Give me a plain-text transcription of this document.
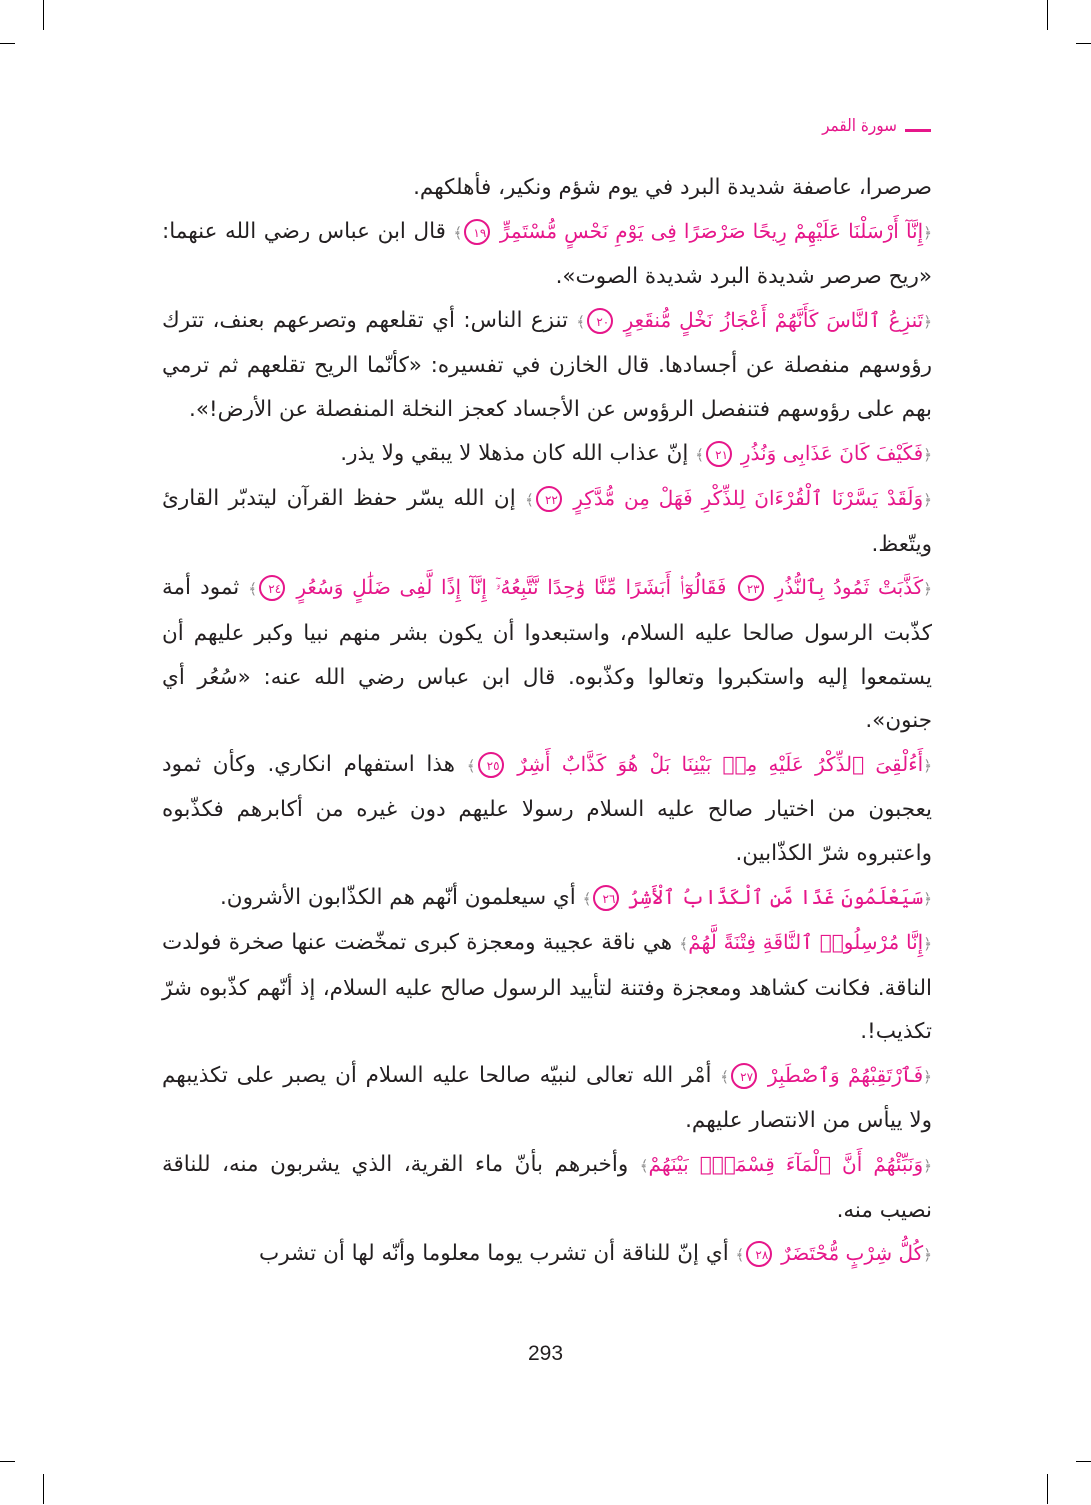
سورة القمر

صرصرا، عاصفة شديدة البرد في يوم شؤم ونكير، فأهلكهم.

﴿إِنَّآ أَرْسَلْنَا عَلَيْهِمْ رِيحًا صَرْصَرًا فِى يَوْمِ نَحْسٍ مُّسْتَمِرٍّ ١٩﴾ قال ابن عباس رضي الله عنهما: «ريح صرصر شديدة البرد شديدة الصوت».

﴿تَنزِعُ ٱلنَّاسَ كَأَنَّهُمْ أَعْجَازُ نَخْلٍ مُّنقَعِرٍ ٢٠﴾ تنزع الناس: أي تقلعهم وتصرعهم بعنف، تترك رؤوسهم منفصلة عن أجسادها. قال الخازن في تفسيره: «كأنّما الريح تقلعهم ثم ترمي بهم على رؤوسهم فتنفصل الرؤوس عن الأجساد كعجز النخلة المنفصلة عن الأرض!».

﴿فَكَيْفَ كَانَ عَذَابِى وَنُذُرِ ٢١﴾ إنّ عذاب الله كان مذهلا لا يبقي ولا يذر.

﴿وَلَقَدْ يَسَّرْنَا ٱلْقُرْءَانَ لِلذِّكْرِ فَهَلْ مِن مُّدَّكِرٍ ٢٢﴾ إن الله يسّر حفظ القرآن ليتدبّر القارئ ويتّعظ.

﴿كَذَّبَتْ ثَمُودُ بِٱلنُّذُرِ ٢٣ فَقَالُوٓا۟ أَبَشَرًا مِّنَّا وَٰحِدًا نَّتَّبِعُهُۥٓ إِنَّآ إِذًا لَّفِى ضَلَٰلٍ وَسُعُرٍ ٢٤﴾ ثمود أمة كذّبت الرسول صالحا عليه السلام، واستبعدوا أن يكون بشر منهم نبيا وكبر عليهم أن يستمعوا إليه واستكبروا وتعالوا وكذّبوه. قال ابن عباس رضي الله عنه: «سُعُر أي جنون».

﴿أَءُلْقِىَ ٱلذِّكْرُ عَلَيْهِ مِنۢ بَيْنِنَا بَلْ هُوَ كَذَّابٌ أَشِرٌ ٢٥﴾ هذا استفهام انكاري. وكأن ثمود يعجبون من اختيار صالح عليه السلام رسولا عليهم دون غيره من أكابرهم فكذّبوه واعتبروه شرّ الكذّابين.

﴿سَيَعْلَمُونَ غَدًا مَّنِ ٱلْكَذَّابُ ٱلْأَشِرُ ٢٦﴾ أي سيعلمون أنّهم هم الكذّابون الأشرون.

﴿إِنَّا مُرْسِلُوا۟ ٱلنَّاقَةِ فِتْنَةً لَّهُمْ﴾ هي ناقة عجيبة ومعجزة كبرى تمخّضت عنها صخرة فولدت الناقة. فكانت كشاهد ومعجزة وفتنة لتأييد الرسول صالح عليه السلام، إذ أنّهم كذّبوه شرّ تكذيب!.

﴿فَٱرْتَقِبْهُمْ وَٱصْطَبِرْ ٢٧﴾ أمْر الله تعالى لنبيّه صالحا عليه السلام أن يصبر على تكذيبهم ولا ييأس من الانتصار عليهم.

﴿وَنَبِّئْهُمْ أَنَّ ٱلْمَآءَ قِسْمَةٌۢ بَيْنَهُمْ﴾ وأخبرهم بأنّ ماء القرية، الذي يشربون منه، للناقة نصيب منه.

﴿كُلُّ شِرْبٍ مُّحْتَضَرٌ ٢٨﴾ أي إنّ للناقة أن تشرب يوما معلوما وأنّه لها أن تشرب

293
